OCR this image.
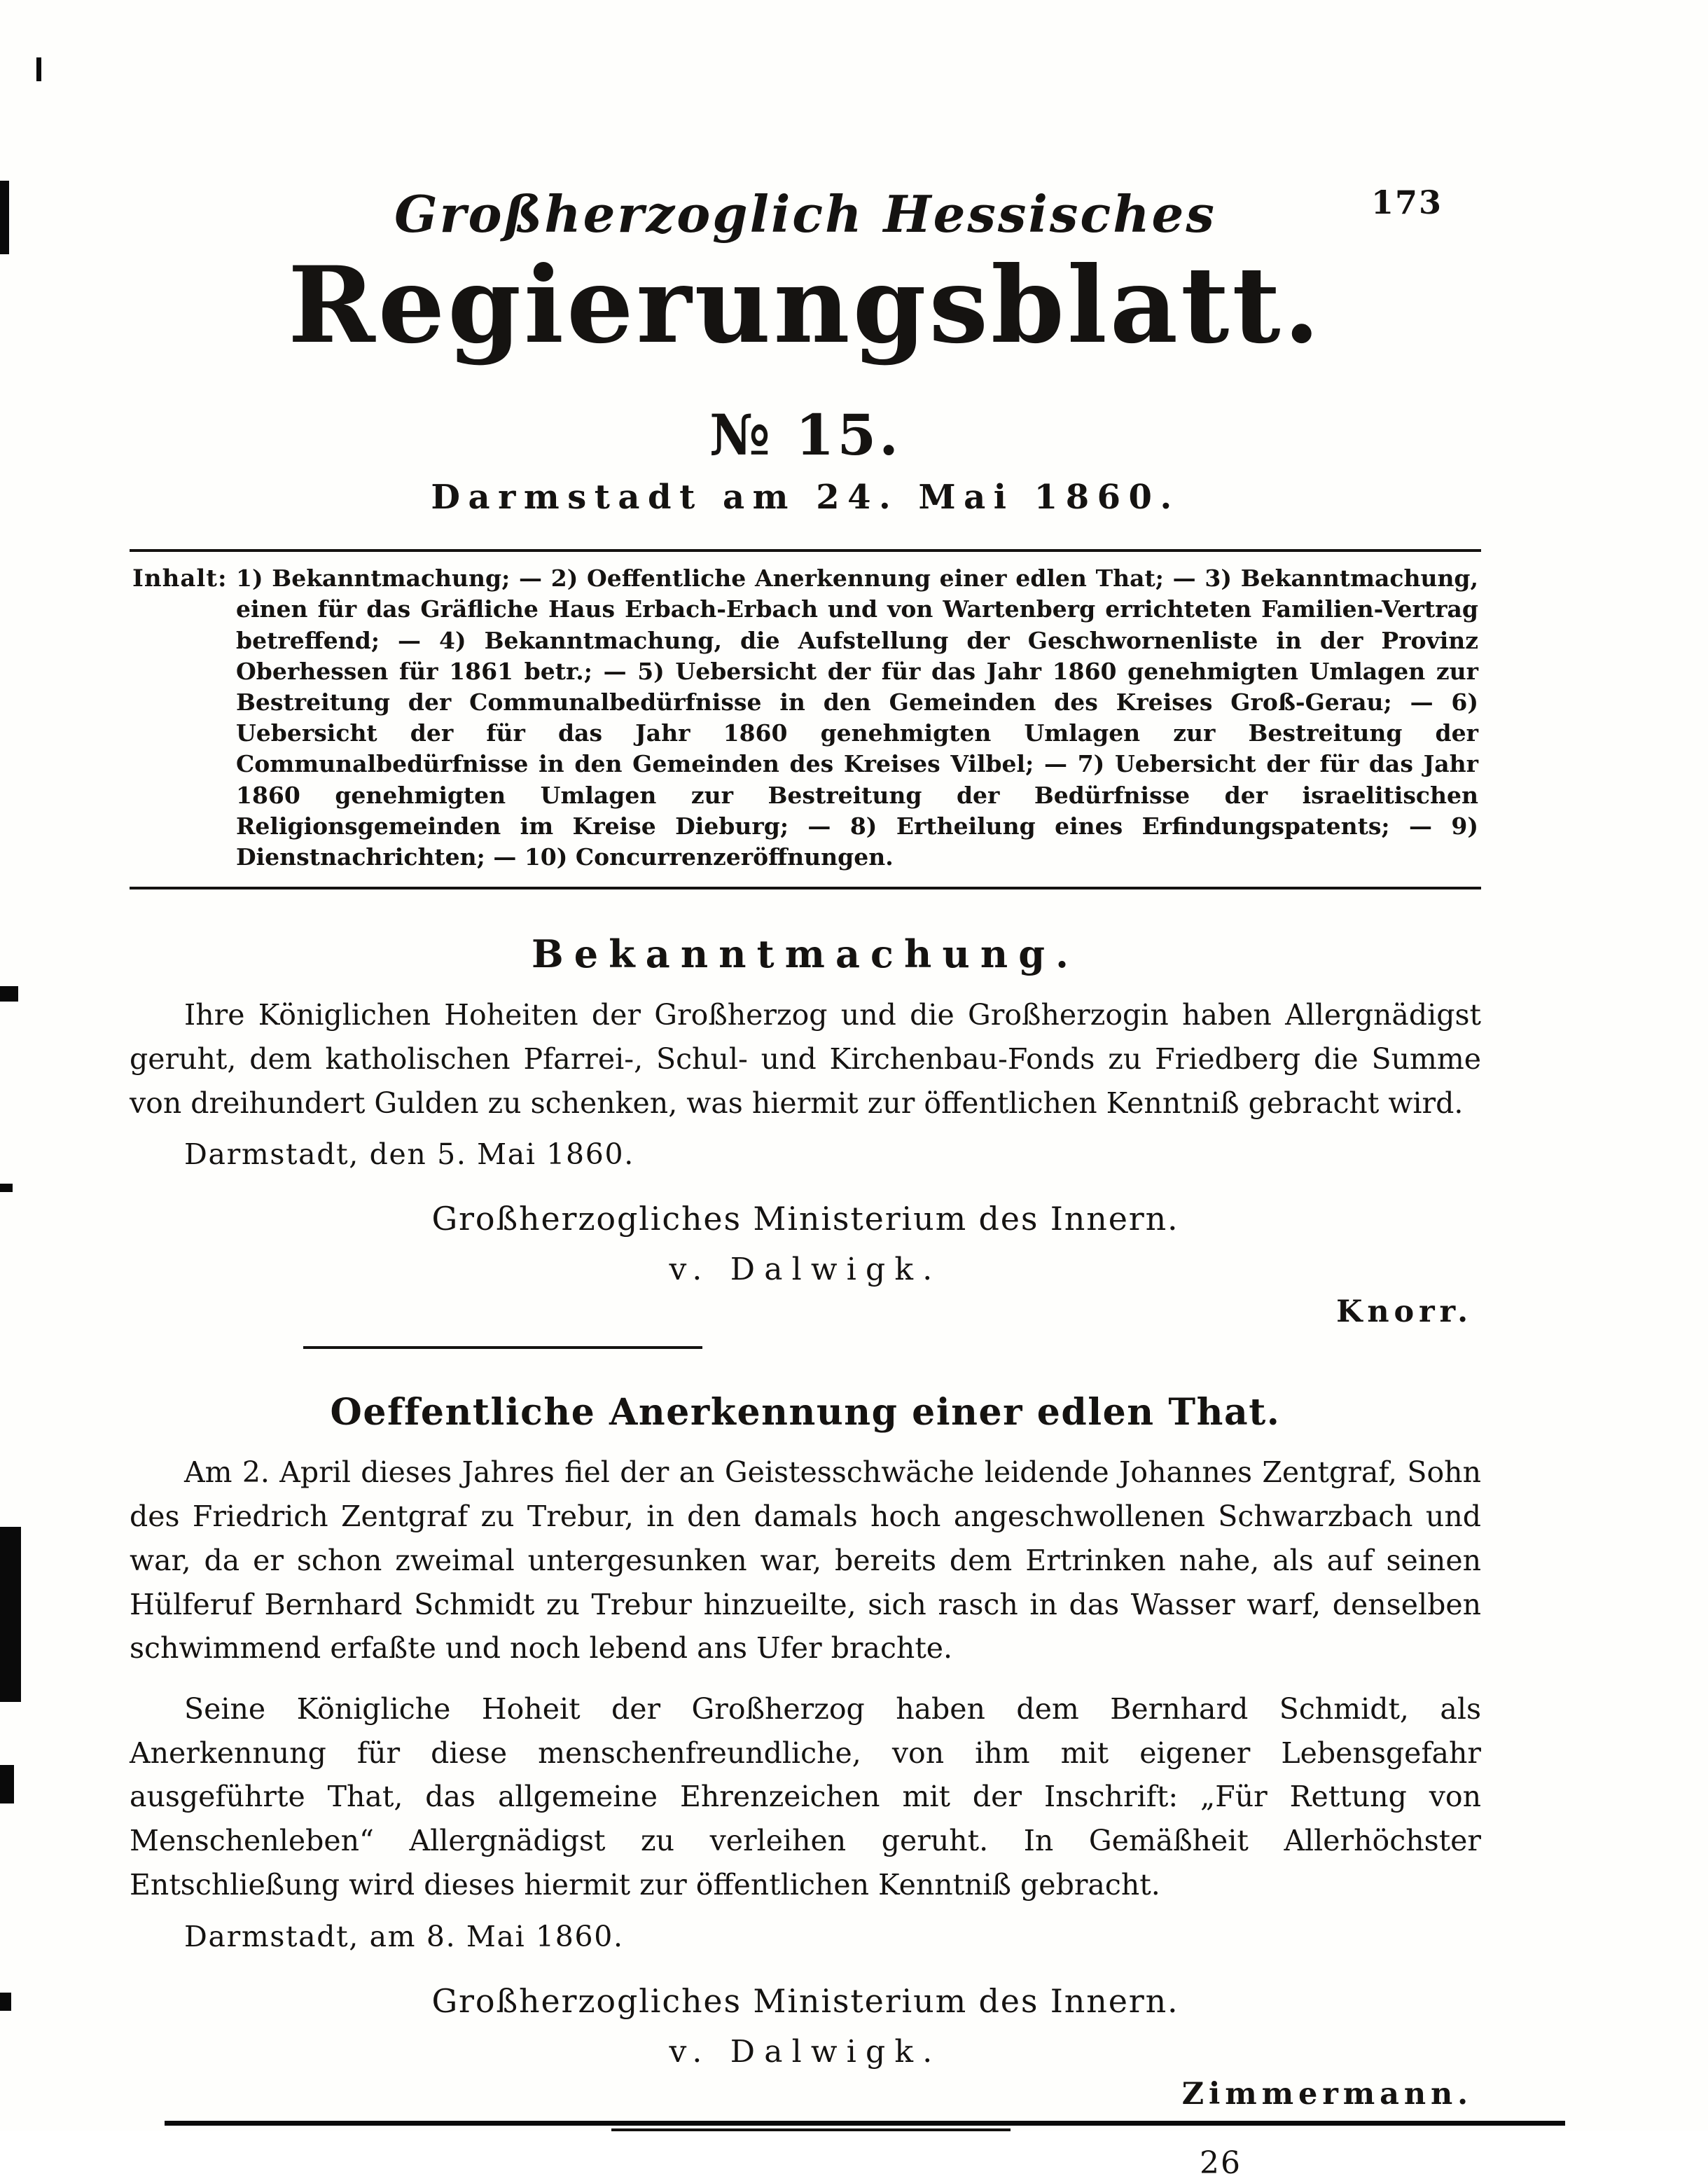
173
Großherzoglich Hessisches
Regierungsblatt.
№ 15.
Darmstadt am 24. Mai 1860.
Inhalt: 1) Bekanntmachung; — 2) Oeffentliche Anerkennung einer edlen That; — 3) Bekanntmachung, einen für das Gräfliche Haus Erbach-Erbach und von Wartenberg errichteten Familien-Vertrag betreffend; — 4) Bekanntmachung, die Aufstellung der Geschwornenliste in der Provinz Oberhessen für 1861 betr.; — 5) Uebersicht der für das Jahr 1860 genehmigten Umlagen zur Bestreitung der Communalbedürfnisse in den Gemeinden des Kreises Groß-Gerau; — 6) Uebersicht der für das Jahr 1860 genehmigten Umlagen zur Bestreitung der Communalbedürfnisse in den Gemeinden des Kreises Vilbel; — 7) Uebersicht der für das Jahr 1860 genehmigten Umlagen zur Bestreitung der Bedürfnisse der israelitischen Religionsgemeinden im Kreise Dieburg; — 8) Ertheilung eines Erfindungspatents; — 9) Dienstnachrichten; — 10) Concurrenzeröffnungen.
Bekanntmachung.

Ihre Königlichen Hoheiten der Großherzog und die Großherzogin haben Allergnädigst geruht, dem katholischen Pfarrei-, Schul- und Kirchenbau-Fonds zu Friedberg die Summe von dreihundert Gulden zu schenken, was hiermit zur öffentlichen Kenntniß gebracht wird.

Darmstadt, den 5. Mai 1860.

Großherzogliches Ministerium des Innern.
v. Dalwigk.
Knorr.
Oeffentliche Anerkennung einer edlen That.

Am 2. April dieses Jahres fiel der an Geistesschwäche leidende Johannes Zentgraf, Sohn des Friedrich Zentgraf zu Trebur, in den damals hoch angeschwollenen Schwarzbach und war, da er schon zweimal untergesunken war, bereits dem Ertrinken nahe, als auf seinen Hülferuf Bernhard Schmidt zu Trebur hinzueilte, sich rasch in das Wasser warf, denselben schwimmend erfaßte und noch lebend ans Ufer brachte.

Seine Königliche Hoheit der Großherzog haben dem Bernhard Schmidt, als Anerkennung für diese menschenfreundliche, von ihm mit eigener Lebensgefahr ausgeführte That, das allgemeine Ehrenzeichen mit der Inschrift: „Für Rettung von Menschenleben“ Allergnädigst zu verleihen geruht. In Gemäßheit Allerhöchster Entschließung wird dieses hiermit zur öffentlichen Kenntniß gebracht.

Darmstadt, am 8. Mai 1860.

Großherzogliches Ministerium des Innern.
v. Dalwigk.
Zimmermann.
26
